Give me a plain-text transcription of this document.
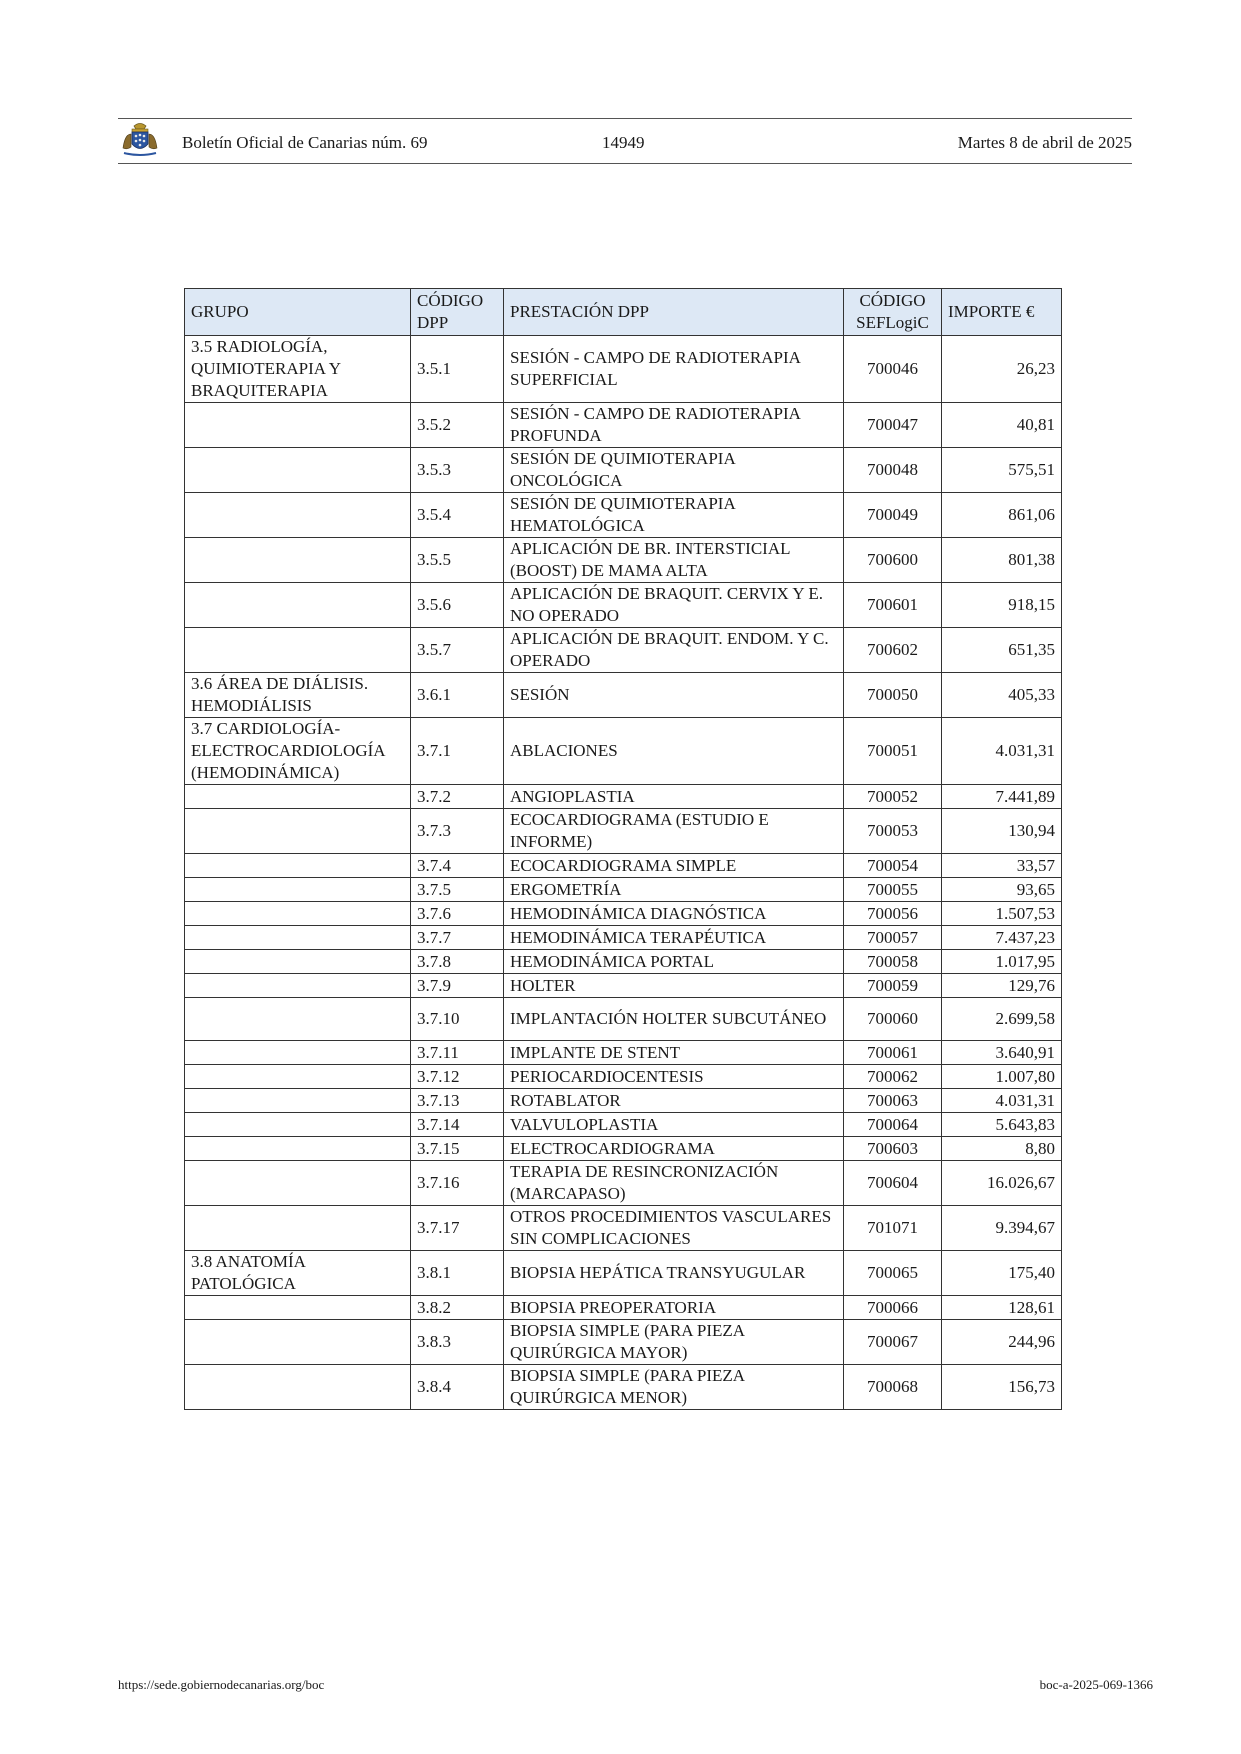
Boletín Oficial de Canarias núm. 69	14949	Martes 8 de abril de 2025
GRUPO	CÓDIGO DPP	PRESTACIÓN DPP	CÓDIGO SEFLogiC	IMPORTE €
3.5 RADIOLOGÍA, QUIMIOTERAPIA Y BRAQUITERAPIA	3.5.1	SESIÓN - CAMPO DE RADIOTERAPIA SUPERFICIAL	700046	26,23
	3.5.2	SESIÓN - CAMPO DE RADIOTERAPIA PROFUNDA	700047	40,81
	3.5.3	SESIÓN DE QUIMIOTERAPIA ONCOLÓGICA	700048	575,51
	3.5.4	SESIÓN DE QUIMIOTERAPIA HEMATOLÓGICA	700049	861,06
	3.5.5	APLICACIÓN DE BR. INTERSTICIAL (BOOST) DE MAMA ALTA	700600	801,38
	3.5.6	APLICACIÓN DE BRAQUIT. CERVIX Y E. NO OPERADO	700601	918,15
	3.5.7	APLICACIÓN DE BRAQUIT. ENDOM. Y C. OPERADO	700602	651,35
3.6 ÁREA DE DIÁLISIS. HEMODIÁLISIS	3.6.1	SESIÓN	700050	405,33
3.7 CARDIOLOGÍA-ELECTROCARDIOLOGÍA (HEMODINÁMICA)	3.7.1	ABLACIONES	700051	4.031,31
	3.7.2	ANGIOPLASTIA	700052	7.441,89
	3.7.3	ECOCARDIOGRAMA (ESTUDIO E INFORME)	700053	130,94
	3.7.4	ECOCARDIOGRAMA SIMPLE	700054	33,57
	3.7.5	ERGOMETRÍA	700055	93,65
	3.7.6	HEMODINÁMICA DIAGNÓSTICA	700056	1.507,53
	3.7.7	HEMODINÁMICA TERAPÉUTICA	700057	7.437,23
	3.7.8	HEMODINÁMICA PORTAL	700058	1.017,95
	3.7.9	HOLTER	700059	129,76
	3.7.10	IMPLANTACIÓN HOLTER SUBCUTÁNEO	700060	2.699,58
	3.7.11	IMPLANTE DE STENT	700061	3.640,91
	3.7.12	PERIOCARDIOCENTESIS	700062	1.007,80
	3.7.13	ROTABLATOR	700063	4.031,31
	3.7.14	VALVULOPLASTIA	700064	5.643,83
	3.7.15	ELECTROCARDIOGRAMA	700603	8,80
	3.7.16	TERAPIA DE RESINCRONIZACIÓN (MARCAPASO)	700604	16.026,67
	3.7.17	OTROS PROCEDIMIENTOS VASCULARES SIN COMPLICACIONES	701071	9.394,67
3.8 ANATOMÍA PATOLÓGICA	3.8.1	BIOPSIA HEPÁTICA TRANSYUGULAR	700065	175,40
	3.8.2	BIOPSIA PREOPERATORIA	700066	128,61
	3.8.3	BIOPSIA SIMPLE (PARA PIEZA QUIRÚRGICA MAYOR)	700067	244,96
	3.8.4	BIOPSIA SIMPLE (PARA PIEZA QUIRÚRGICA MENOR)	700068	156,73
https://sede.gobiernodecanarias.org/boc	boc-a-2025-069-1366
